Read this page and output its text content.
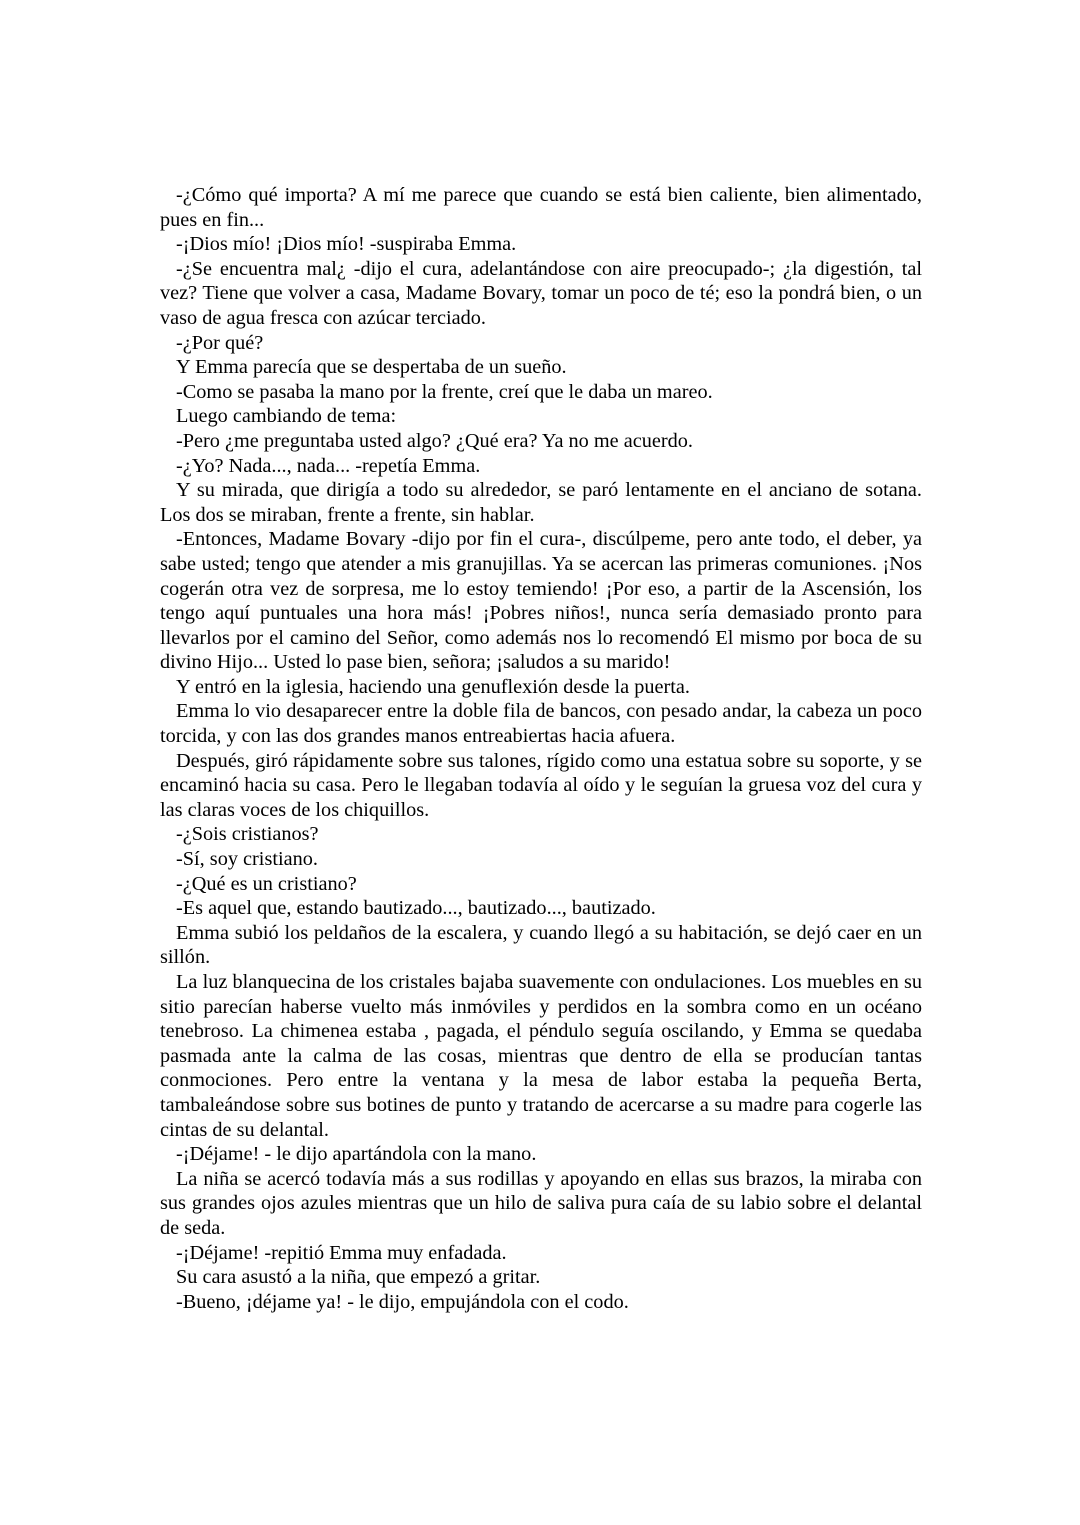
-¿Cómo qué importa? A mí me parece que cuando se está bien caliente, bien alimentado, pues en fin...

-¡Dios mío! ¡Dios mío! -suspiraba Emma.

-¿Se encuentra mal¿ -dijo el cura, adelantándose con aire preocupado-; ¿la digestión, tal vez? Tiene que volver a casa, Madame Bovary, tomar un poco de té; eso la pondrá bien, o un vaso de agua fresca con azúcar terciado.

-¿Por qué?

Y Emma parecía que se despertaba de un sueño.

-Como se pasaba la mano por la frente, creí que le daba un mareo.

Luego cambiando de tema:

-Pero ¿me preguntaba usted algo? ¿Qué era? Ya no me acuerdo.

-¿Yo? Nada..., nada... -repetía Emma.

Y su mirada, que dirigía a todo su alrededor, se paró lentamente en el anciano de sotana. Los dos se miraban, frente a frente, sin hablar.

-Entonces, Madame Bovary -dijo por fin el cura-, discúlpeme, pero ante todo, el deber, ya sabe usted; tengo que atender a mis granujillas. Ya se acercan las primeras comuniones. ¡Nos cogerán otra vez de sorpresa, me lo estoy temiendo! ¡Por eso, a partir de la Ascensión, los tengo aquí puntuales una hora más! ¡Pobres niños!, nunca sería demasiado pronto para llevarlos por el camino del Señor, como además nos lo recomendó El mismo por boca de su divino Hijo... Usted lo pase bien, señora; ¡saludos a su marido!

Y entró en la iglesia, haciendo una genuflexión desde la puerta.

Emma lo vio desaparecer entre la doble fila de bancos, con pesado andar, la cabeza un poco torcida, y con las dos grandes manos entreabiertas hacia afuera.

Después, giró rápidamente sobre sus talones, rígido como una estatua sobre su soporte, y se encaminó hacia su casa. Pero le llegaban todavía al oído y le seguían la gruesa voz del cura y las claras voces de los chiquillos.

-¿Sois cristianos?

-Sí, soy cristiano.

-¿Qué es un cristiano?

-Es aquel que, estando bautizado..., bautizado..., bautizado.

Emma subió los peldaños de la escalera, y cuando llegó a su habitación, se dejó caer en un sillón.

La luz blanquecina de los cristales bajaba suavemente con ondulaciones. Los muebles en su sitio parecían haberse vuelto más inmóviles y perdidos en la sombra como en un océano tenebroso. La chimenea estaba , pagada, el péndulo seguía oscilando, y Emma se quedaba pasmada ante la calma de las cosas, mientras que dentro de ella se producían tantas conmociones. Pero entre la ventana y la mesa de labor estaba la pequeña Berta, tambaleándose sobre sus botines de punto y tratando de acercarse a su madre para cogerle las cintas de su delantal.

-¡Déjame! - le dijo apartándola con la mano.

La niña se acercó todavía más a sus rodillas y apoyando en ellas sus brazos, la miraba con sus grandes ojos azules mientras que un hilo de saliva pura caía de su labio sobre el delantal de seda.

-¡Déjame! -repitió Emma muy enfadada.

Su cara asustó a la niña, que empezó a gritar.

-Bueno, ¡déjame ya! - le dijo, empujándola con el codo.
